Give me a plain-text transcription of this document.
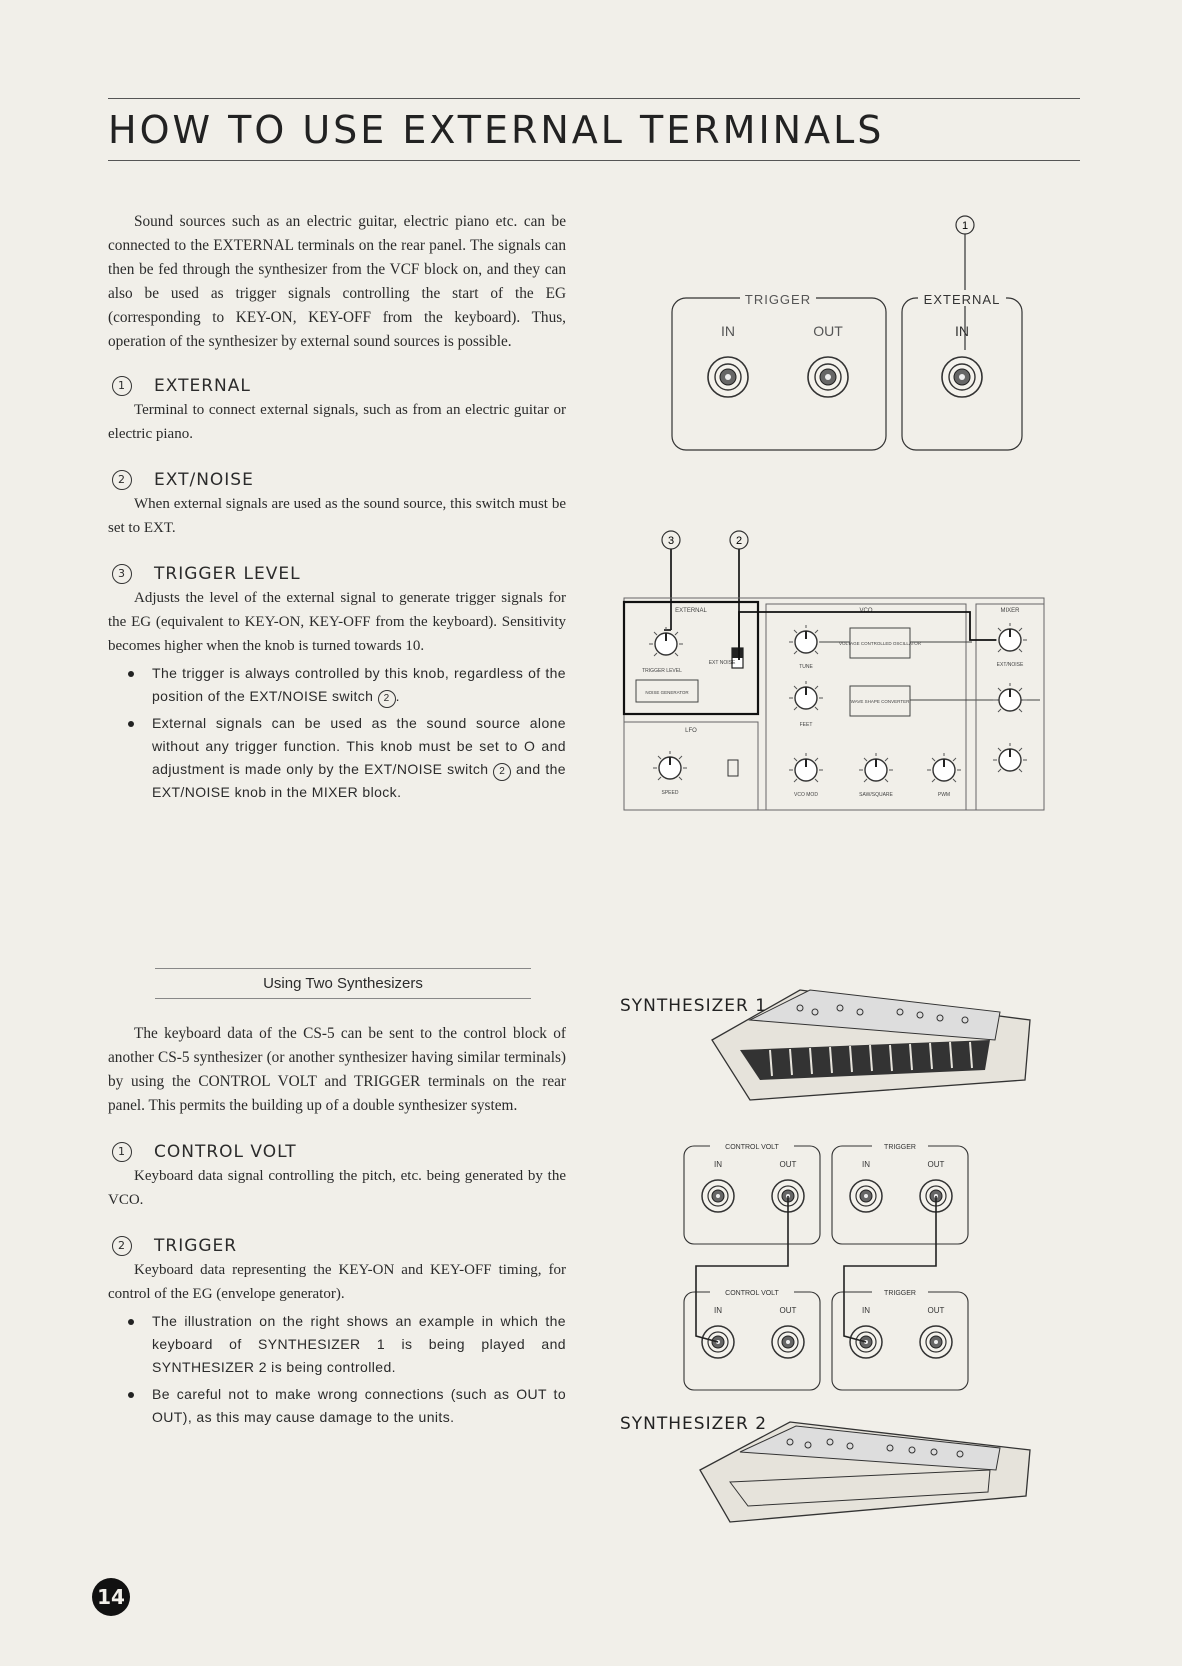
HOW TO USE EXTERNAL TERMINALS

Sound sources such as an electric guitar, electric piano etc. can be connected to the EXTERNAL terminals on the rear panel. The signals can then be fed through the synthesizer from the VCF block on, and they can also be used as trigger signals controlling the start of the EG (corresponding to KEY-ON, KEY-OFF from the keyboard). Thus, operation of the synthesizer by external sound sources is possible.

1	EXTERNAL

Terminal to connect external signals, such as from an electric guitar or electric piano.

2	EXT/NOISE

When external signals are used as the sound source, this switch must be set to EXT.

3	TRIGGER LEVEL

Adjusts the level of the external signal to generate trigger signals for the EG (equivalent to KEY-ON, KEY-OFF from the keyboard). Sensitivity becomes higher when the knob is turned towards 10.

The trigger is always controlled by this knob, regardless of the position of the EXT/NOISE switch 2 .

External signals can be used as the sound source alone without any trigger function. This knob must be set to O and adjustment is made only by the EXT/NOISE switch 2 and the EXT/NOISE knob in the MIXER block.

Using Two Synthesizers

The keyboard data of the CS-5 can be sent to the control block of another CS-5 synthesizer (or another synthesizer having similar terminals) by using the CONTROL VOLT and TRIGGER terminals on the rear panel. This permits the building up of a double synthesizer system.

1	CONTROL VOLT

Keyboard data signal controlling the pitch, etc. being generated by the VCO.

2	TRIGGER

Keyboard data representing the KEY-ON and KEY-OFF timing, for control of the EG (envelope generator).

The illustration on the right shows an example in which the keyboard of SYNTHESIZER 1 is being played and SYNTHESIZER 2 is being controlled.

Be careful not to make wrong connections (such as OUT to OUT), as this may cause damage to the units.

14
1
TRIGGER	EXTERNAL
IN	OUT	IN
3	2
EXTERNAL
TRIGGER LEVEL
EXT NOISE
NOISE GENERATOR
VCO
TUNE
FEET
VOLTAGE CONTROLLED OSCILLATOR
WAVE SHAPE CONVERTER
VCO MOD	SAW/SQUARE	PWM
LFO
SPEED
MIXER
EXT/NOISE
CONTROL VOLT	TRIGGER
CONTROL VOLT	TRIGGER
IN	OUT	IN	OUT
IN	OUT	IN	OUT
SYNTHESIZER 1
SYNTHESIZER 2
